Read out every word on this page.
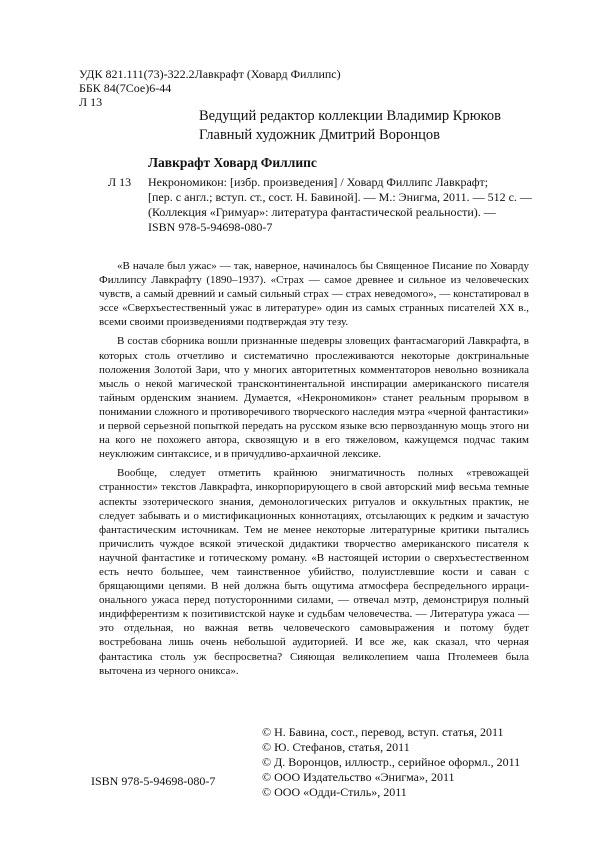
УДК 821.111(73)-322.2Лавкрафт (Ховард Филлипс)
ББК 84(7Сое)6-44
Л 13
Ведущий редактор коллекции Владимир Крюков
Главный художник Дмитрий Воронцов
Лавкрафт Ховард Филлипс
Л 13 Некрономикон: [избр. произведения] / Ховард Филлипс Лавкрафт;
[пер. с англ.; вступ. ст., сост. Н. Бавиной]. — М.: Энигма, 2011. — 512 с. —
(Коллекция «Гримуар»: литература фантастической реальности). —
ISBN 978-5-94698-080-7

«В начале был ужас» — так, наверное, начиналось бы Священное Писание по Ховарду Филлипсу Лавкрафту (1890–1937). «Страх — самое древнее и сильное из человеческих чувств, а самый древний и самый сильный страх — страх неведомого», — констатировал в эссе «Сверхъестественный ужас в литературе» один из самых странных писателей XX в., всеми своими произведениями подтверждая эту тезу.

В состав сборника вошли признанные шедевры зловещих фантасмагорий Лавкрафта, в которых столь отчетливо и систематично прослеживаются некоторые доктринальные положения Золотой Зари, что у многих авторитетных комментаторов невольно возникала мысль о некой магической трансконтинентальной инспирации американского писателя тайным орденским знанием. Думается, «Некрономикон» станет реальным прорывом в понимании сложного и противоречивого творческого наследия мэтра «черной фантастики» и первой серьезной попыткой передать на русском языке всю первозданную мощь этого ни на кого не похожего автора, сквозящую и в его тяжеловом, кажущемся подчас таким неуклюжим синтаксисе, и в причудливо-архаичной лексике.

Вообще, следует отметить крайнюю энигматичность полных «тревожащей странности» текстов Лавкрафта, инкорпорирующего в свой авторский миф весьма темные аспекты эзотерического знания, демонологических ритуалов и оккультных практик, не следует забывать и о мистификационных коннотациях, отсылающих к редким и зачастую фантастическим источникам. Тем не менее некоторые литературные критики пытались причислить чуждое всякой этической дидактики творчество американского писателя к научной фантастике и готическому роману. «В настоящей истории о сверхъестественном есть нечто большее, чем таинственное убийство, полуистлевшие кости и саван с брящающими цепями. В ней должна быть ощутима атмосфера беспредельного иррационального ужаса перед потусторонними силами, — отвечал мэтр, демонстрируя полный индифферентизм к позитивистской науке и судьбам человечества. — Литература ужаса — это отдельная, но важная ветвь человеческого самовыражения и потому будет востребована лишь очень небольшой аудиторией. И все же, как сказал, что черная фантастика столь уж беспросветна? Сияющая великолепием чаша Птолемеев была выточена из черного оникса».

ISBN 978-5-94698-080-7
© Н. Бавина, сост., перевод, вступ. статья, 2011
© Ю. Стефанов, статья, 2011
© Д. Воронцов, иллюстр., серийное оформл., 2011
© ООО Издательство «Энигма», 2011
© ООО «Одди-Стиль», 2011
